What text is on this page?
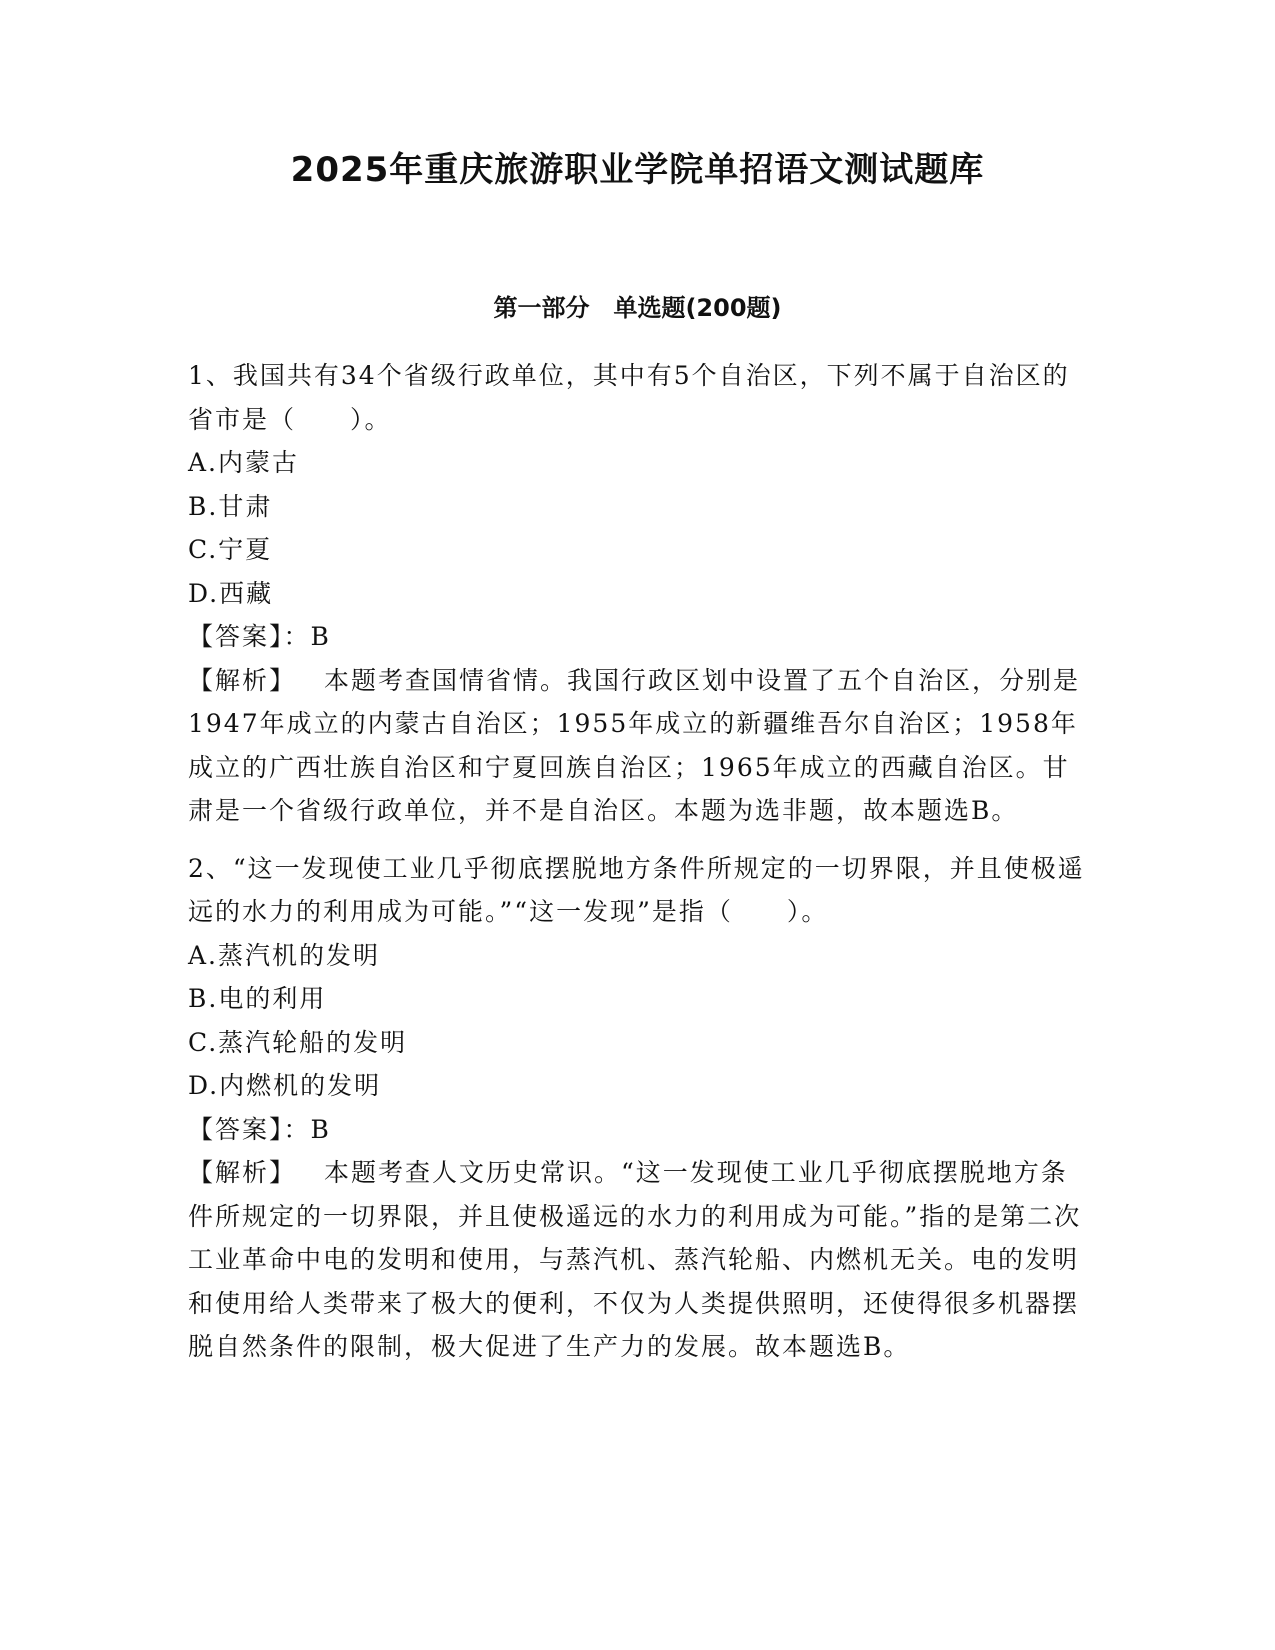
2025年重庆旅游职业学院单招语文测试题库
第一部分　单选题(200题)
1、我国共有34个省级行政单位，其中有5个自治区，下列不属于自治区的省市是（　　）。
A.内蒙古
B.甘肃
C.宁夏
D.西藏
【答案】：B
【解析】 本题考查国情省情。我国行政区划中设置了五个自治区，分别是1947年成立的内蒙古自治区；1955年成立的新疆维吾尔自治区；1958年成立的广西壮族自治区和宁夏回族自治区；1965年成立的西藏自治区。甘肃是一个省级行政单位，并不是自治区。本题为选非题，故本题选B。
2、“这一发现使工业几乎彻底摆脱地方条件所规定的一切界限，并且使极遥远的水力的利用成为可能。”“这一发现”是指（　　）。
A.蒸汽机的发明
B.电的利用
C.蒸汽轮船的发明
D.内燃机的发明
【答案】：B
【解析】 本题考查人文历史常识。“这一发现使工业几乎彻底摆脱地方条件所规定的一切界限，并且使极遥远的水力的利用成为可能。”指的是第二次工业革命中电的发明和使用，与蒸汽机、蒸汽轮船、内燃机无关。电的发明和使用给人类带来了极大的便利，不仅为人类提供照明，还使得很多机器摆脱自然条件的限制，极大促进了生产力的发展。故本题选B。
